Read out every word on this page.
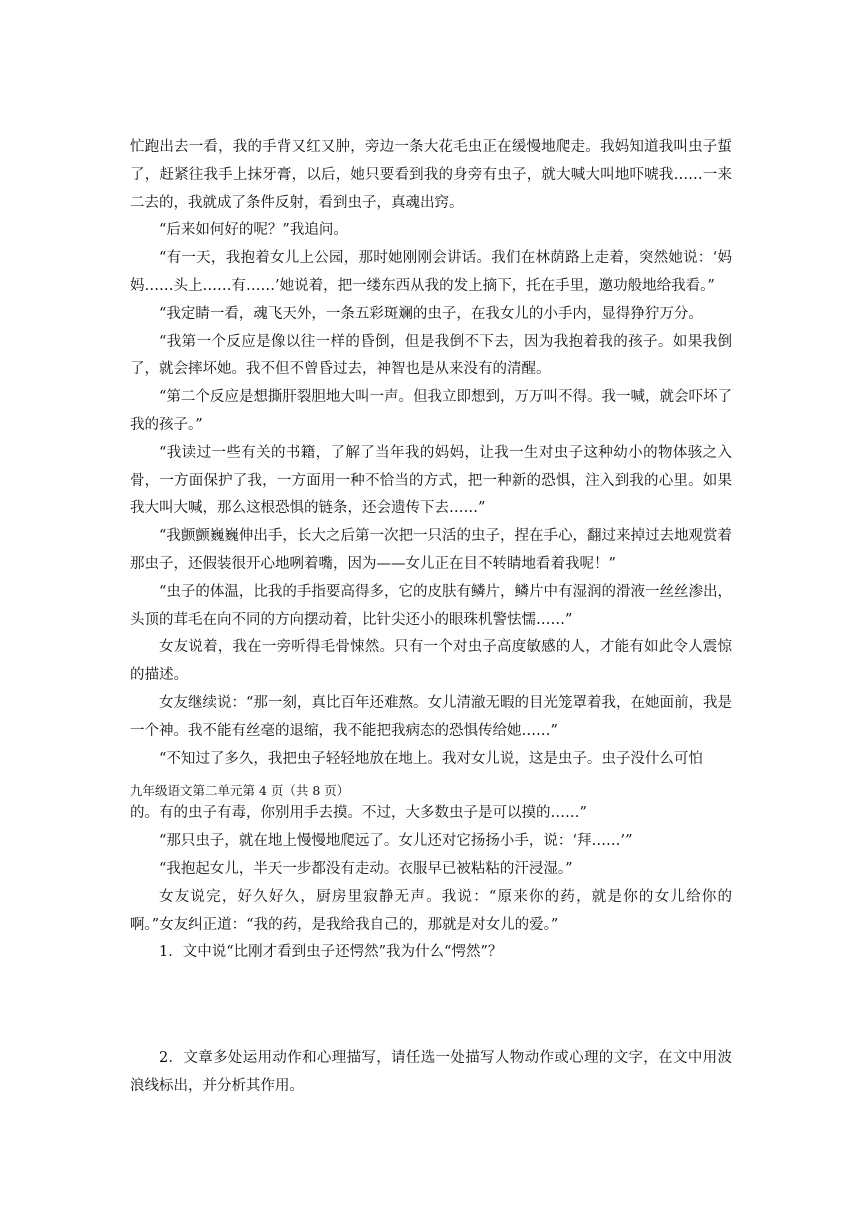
忙跑出去一看，我的手背又红又肿，旁边一条大花毛虫正在缓慢地爬走。我妈知道我叫虫子蜇了，赶紧往我手上抹牙膏，以后，她只要看到我的身旁有虫子，就大喊大叫地吓唬我……一来二去的，我就成了条件反射，看到虫子，真魂出窍。

“后来如何好的呢？”我追问。

“有一天，我抱着女儿上公园，那时她刚刚会讲话。我们在林荫路上走着，突然她说：‘妈妈……头上……有……’她说着，把一缕东西从我的发上摘下，托在手里，邀功般地给我看。”

“我定睛一看，魂飞天外，一条五彩斑斓的虫子，在我女儿的小手内，显得狰狞万分。

“我第一个反应是像以往一样的昏倒，但是我倒不下去，因为我抱着我的孩子。如果我倒了，就会摔坏她。我不但不曾昏过去，神智也是从来没有的清醒。

“第二个反应是想撕肝裂胆地大叫一声。但我立即想到，万万叫不得。我一喊，就会吓坏了我的孩子。”

“我读过一些有关的书籍，了解了当年我的妈妈，让我一生对虫子这种幼小的物体骇之入骨，一方面保护了我，一方面用一种不恰当的方式，把一种新的恐惧，注入到我的心里。如果我大叫大喊，那么这根恐惧的链条，还会遗传下去……”

“我颤颤巍巍伸出手，长大之后第一次把一只活的虫子，捏在手心，翻过来掉过去地观赏着那虫子，还假装很开心地咧着嘴，因为——女儿正在目不转睛地看着我呢！”

“虫子的体温，比我的手指要高得多，它的皮肤有鳞片，鳞片中有湿润的滑液一丝丝渗出，头顶的茸毛在向不同的方向摆动着，比针尖还小的眼珠机警怯懦……”

女友说着，我在一旁听得毛骨悚然。只有一个对虫子高度敏感的人，才能有如此令人震惊的描述。

女友继续说：“那一刻，真比百年还难熬。女儿清澈无暇的目光笼罩着我，在她面前，我是一个神。我不能有丝毫的退缩，我不能把我病态的恐惧传给她……”

“不知过了多久，我把虫子轻轻地放在地上。我对女儿说，这是虫子。虫子没什么可怕

九年级语文第二单元第 4 页（共 8 页）

的。有的虫子有毒，你别用手去摸。不过，大多数虫子是可以摸的……”

“那只虫子，就在地上慢慢地爬远了。女儿还对它扬扬小手，说：‘拜……’”

“我抱起女儿，半天一步都没有走动。衣服早已被粘粘的汗浸湿。”

女友说完，好久好久，厨房里寂静无声。我说：“原来你的药，就是你的女儿给你的啊。”女友纠正道：“我的药，是我给我自己的，那就是对女儿的爱。”

1．文中说“比刚才看到虫子还愕然”我为什么“愕然”？

2．文章多处运用动作和心理描写，请任选一处描写人物动作或心理的文字，在文中用波浪线标出，并分析其作用。
